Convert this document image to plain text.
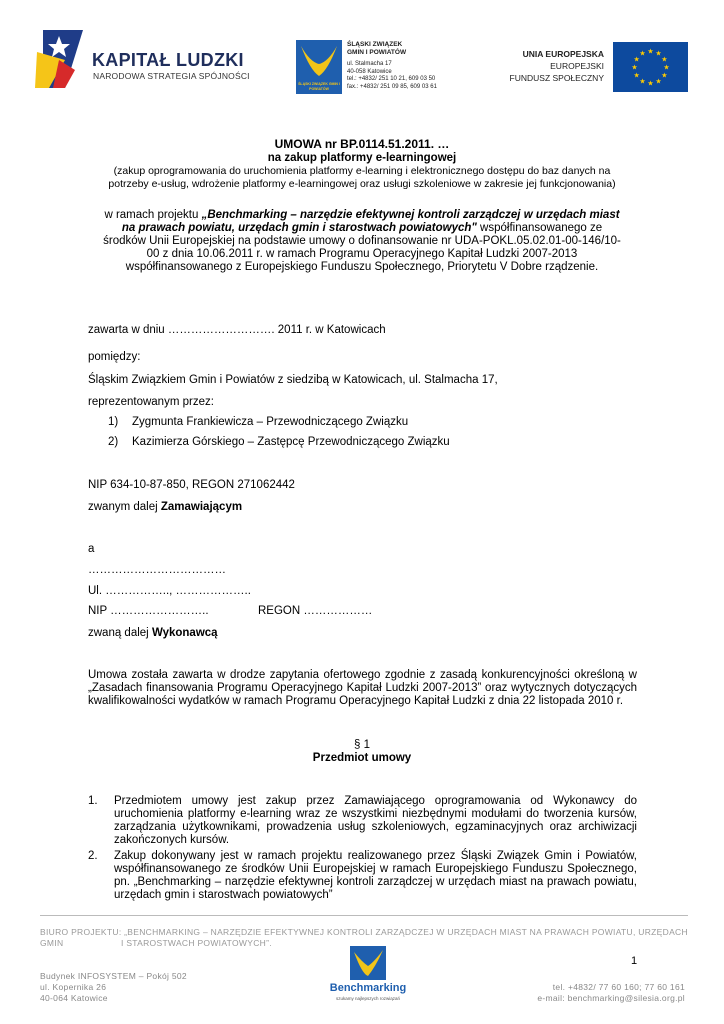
KAPITAŁ LUDZKI
NARODOWA STRATEGIA SPÓJNOŚCI
ŚLĄSKI ZWIĄZEK GMIN I POWIATÓW
ŚLĄSKI ZWIĄZEK
GMIN I POWIATÓW
ul. Stalmacha 17
40-058 Katowice
tel.: +4832/ 251 10 21, 609 03 50
fax.: +4832/ 251 09 85, 609 03 61
UNIA EUROPEJSKA
EUROPEJSKI
FUNDUSZ SPOŁECZNY
★ ★
★
★
★
★
★
★
★
★
★
★
UMOWA nr BP.0114.51.2011. …
na zakup platformy e-learningowej
(zakup oprogramowania do uruchomienia platformy e-learning i elektronicznego dostępu do baz danych na
potrzeby e-usług, wdrożenie platformy e-learningowej oraz usługi szkoleniowe w zakresie jej funkcjonowania)
w ramach projektu „Benchmarking – narzędzie efektywnej kontroli zarządczej w urzędach miast
na prawach powiatu, urzędach gmin i starostwach powiatowych" współfinansowanego ze
środków Unii Europejskiej na podstawie umowy o dofinansowanie nr UDA-POKL.05.02.01-00-146/10-
00 z dnia 10.06.2011 r. w ramach Programu Operacyjnego Kapitał Ludzki 2007-2013
współfinansowanego z Europejskiego Funduszu Społecznego, Priorytetu V Dobre rządzenie.
zawarta w dniu ………………………. 2011 r. w Katowicach
pomiędzy:
Śląskim Związkiem Gmin i Powiatów z siedzibą w Katowicach, ul. Stalmacha 17,
reprezentowanym przez:
1) Zygmunta Frankiewicza – Przewodniczącego Związku
2) Kazimierza Górskiego – Zastępcę Przewodniczącego Związku
NIP 634-10-87-850, REGON 271062442
zwanym dalej Zamawiającym
a
………………………………
Ul. …………….., ………………..
NIP ……………………..	REGON ………………
zwaną dalej Wykonawcą
Umowa została zawarta w drodze zapytania ofertowego zgodnie z zasadą konkurencyjności określoną w „Zasadach finansowania Programu Operacyjnego Kapitał Ludzki 2007-2013” oraz wytycznych dotyczących kwalifikowalności wydatków w ramach Programu Operacyjnego Kapitał Ludzki z dnia 22 listopada 2010 r.
§ 1
Przedmiot umowy
1. Przedmiotem umowy jest zakup przez Zamawiającego oprogramowania od Wykonawcy do uruchomienia platformy e-learning wraz ze wszystkimi niezbędnymi modułami do tworzenia kursów, zarządzania użytkownikami, prowadzenia usług szkoleniowych, egzaminacyjnych oraz archiwizacji zakończonych kursów.
2. Zakup dokonywany jest w ramach projektu realizowanego przez Śląski Związek Gmin i Powiatów, współfinansowanego ze środków Unii Europejskiej w ramach Europejskiego Funduszu Społecznego, pn. „Benchmarking – narzędzie efektywnej kontroli zarządczej w urzędach miast na prawach powiatu, urzędach gmin i starostwach powiatowych”
BIURO PROJEKTU: „BENCHMARKING – NARZĘDZIE EFEKTYWNEJ KONTROLI ZARZĄDCZEJ W URZĘDACH MIAST NA PRAWACH POWIATU, URZĘDACH GMIN	I STAROSTWACH POWIATOWYCH”.
1
Budynek INFOSYSTEM – Pokój 502
ul. Kopernika 26
40-064 Katowice
Benchmarking
szukamy najlepszych rozwiązań
tel. +4832/ 77 60 160; 77 60 161
e-mail: benchmarking@silesia.org.pl
